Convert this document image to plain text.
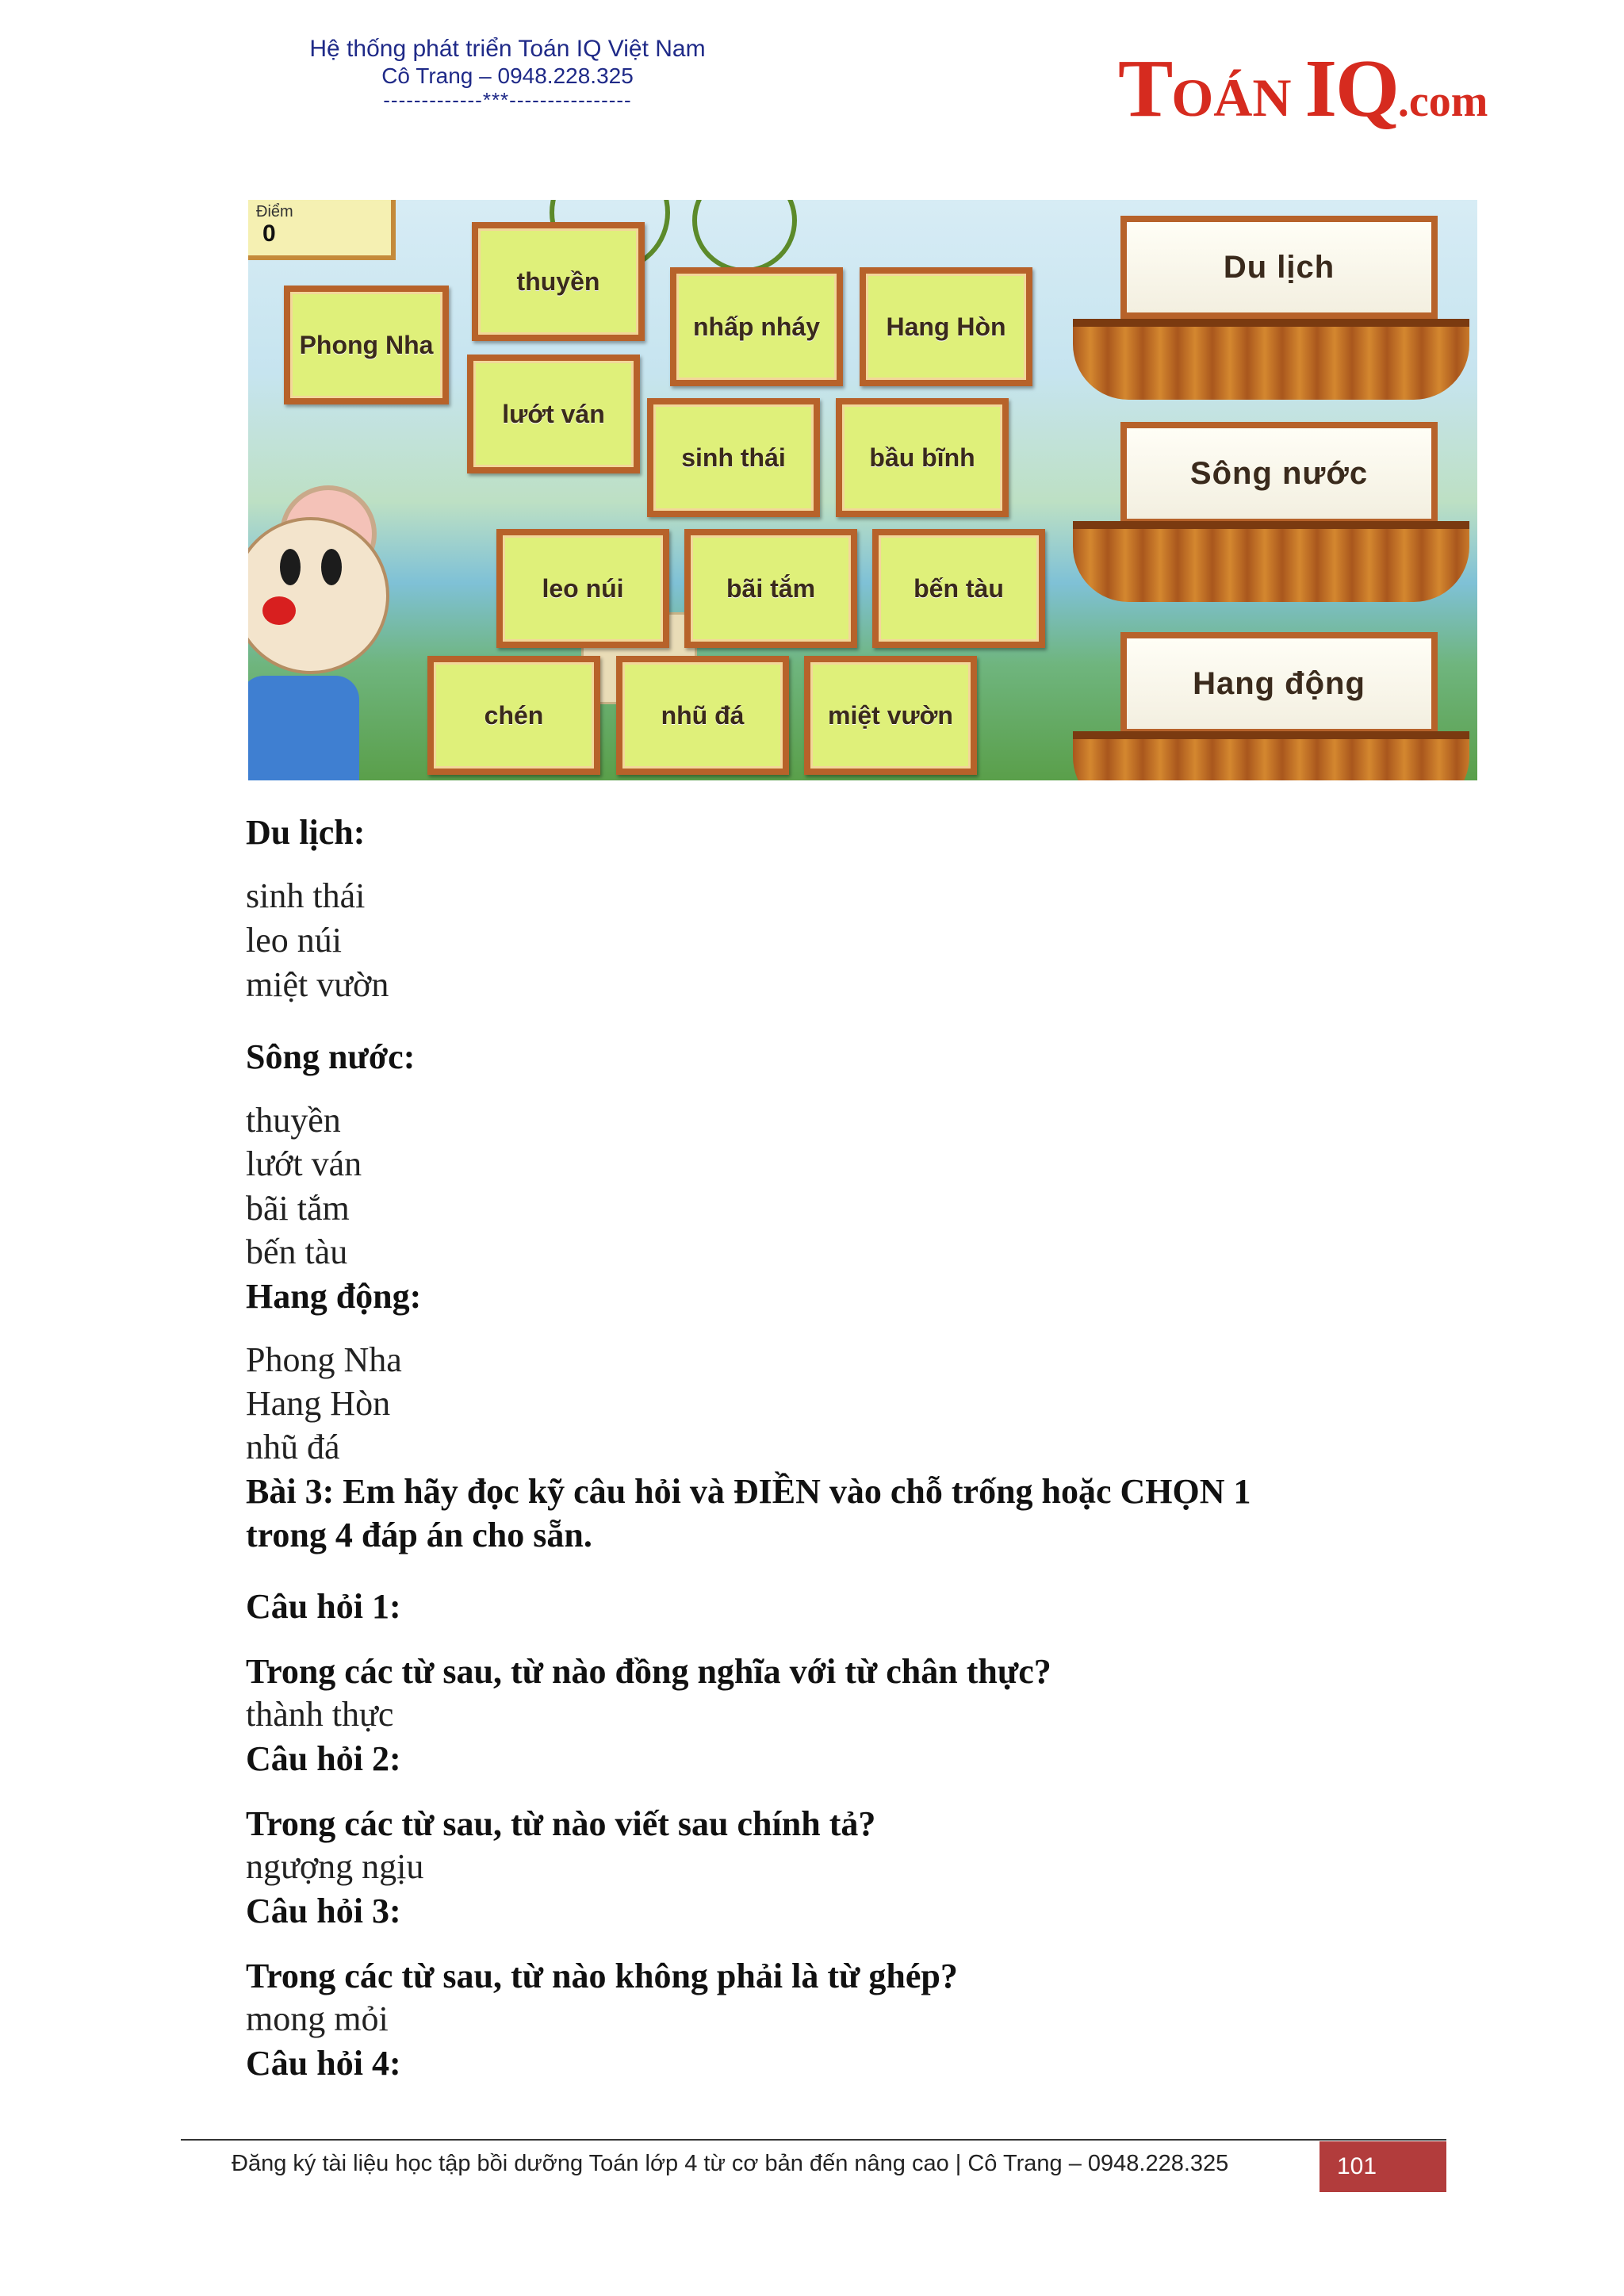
Hệ thống phát triển Toán IQ Việt Nam
Cô Trang – 0948.228.325
-------------***----------------	TOÁN IQ.com
Điểm
0
Phong Nha
thuyền
nhấp nháy	Hang Hòn
lướt ván
sinh thái	bầu bĩnh
leo núi	bãi tắm	bến tàu
chén	nhũ đá	miệt vườn
Du lịch
Sông nước
Hang động
Du lịch:
sinh thái
leo núi
miệt vườn
Sông nước:
thuyền
lướt ván
bãi tắm
bến tàu
Hang động:
Phong Nha
Hang Hòn
nhũ đá
Bài 3: Em hãy đọc kỹ câu hỏi và ĐIỀN vào chỗ trống hoặc CHỌN 1
trong 4 đáp án cho sẵn.
Câu hỏi 1:
Trong các từ sau, từ nào đồng nghĩa với từ chân thực?
thành thực
Câu hỏi 2:
Trong các từ sau, từ nào viết sau chính tả?
ngượng ngịu
Câu hỏi 3:
Trong các từ sau, từ nào không phải là từ ghép?
mong mỏi
Câu hỏi 4:
Đăng ký tài liệu học tập bồi dưỡng Toán lớp 4 từ cơ bản đến nâng cao | Cô Trang – 0948.228.325	101
